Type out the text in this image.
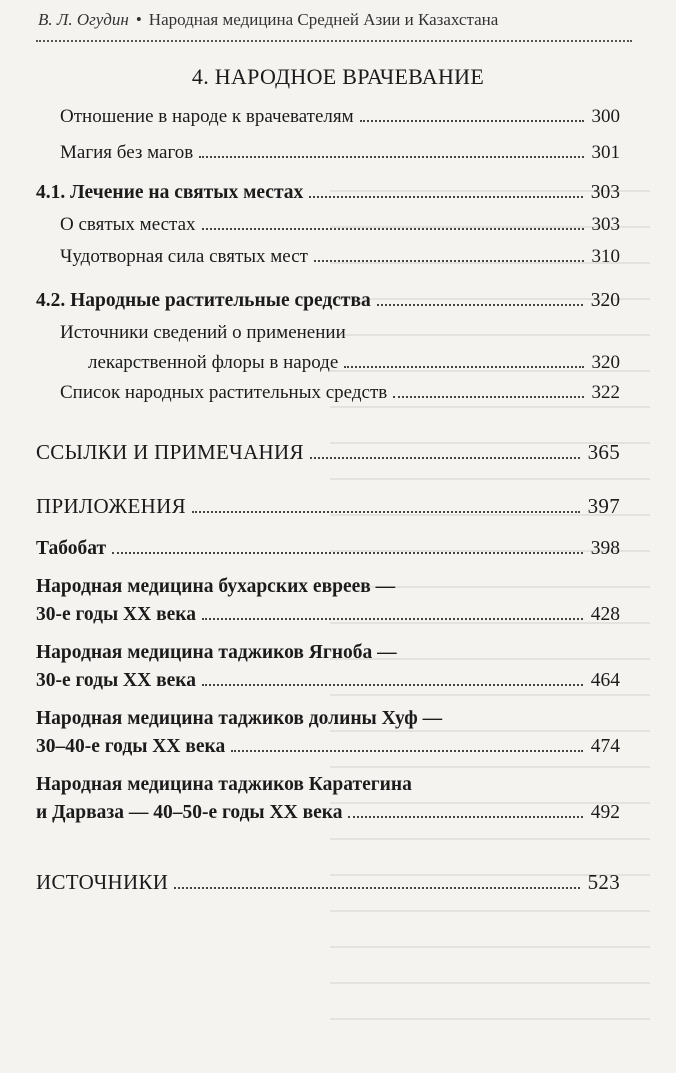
В. Л. Огудин • Народная медицина Средней Азии и Казахстана
4. НАРОДНОЕ ВРАЧЕВАНИЕ
Отношение в народе к врачевателям	300
Магия без магов	301
4.1. Лечение на святых местах	303
О святых местах	303
Чудотворная сила святых мест	310
4.2. Народные растительные средства	320
Источники сведений о применении
лекарственной флоры в народе	320
Список народных растительных средств	322
ССЫЛКИ И ПРИМЕЧАНИЯ	365
ПРИЛОЖЕНИЯ	397
Табобат	398
Народная медицина бухарских евреев —
30-е годы XX века	428
Народная медицина таджиков Ягноба —
30-е годы XX века	464
Народная медицина таджиков долины Хуф —
30–40-е годы XX века	474
Народная медицина таджиков Каратегина
и Дарваза — 40–50-е годы XX века	492
ИСТОЧНИКИ	523
